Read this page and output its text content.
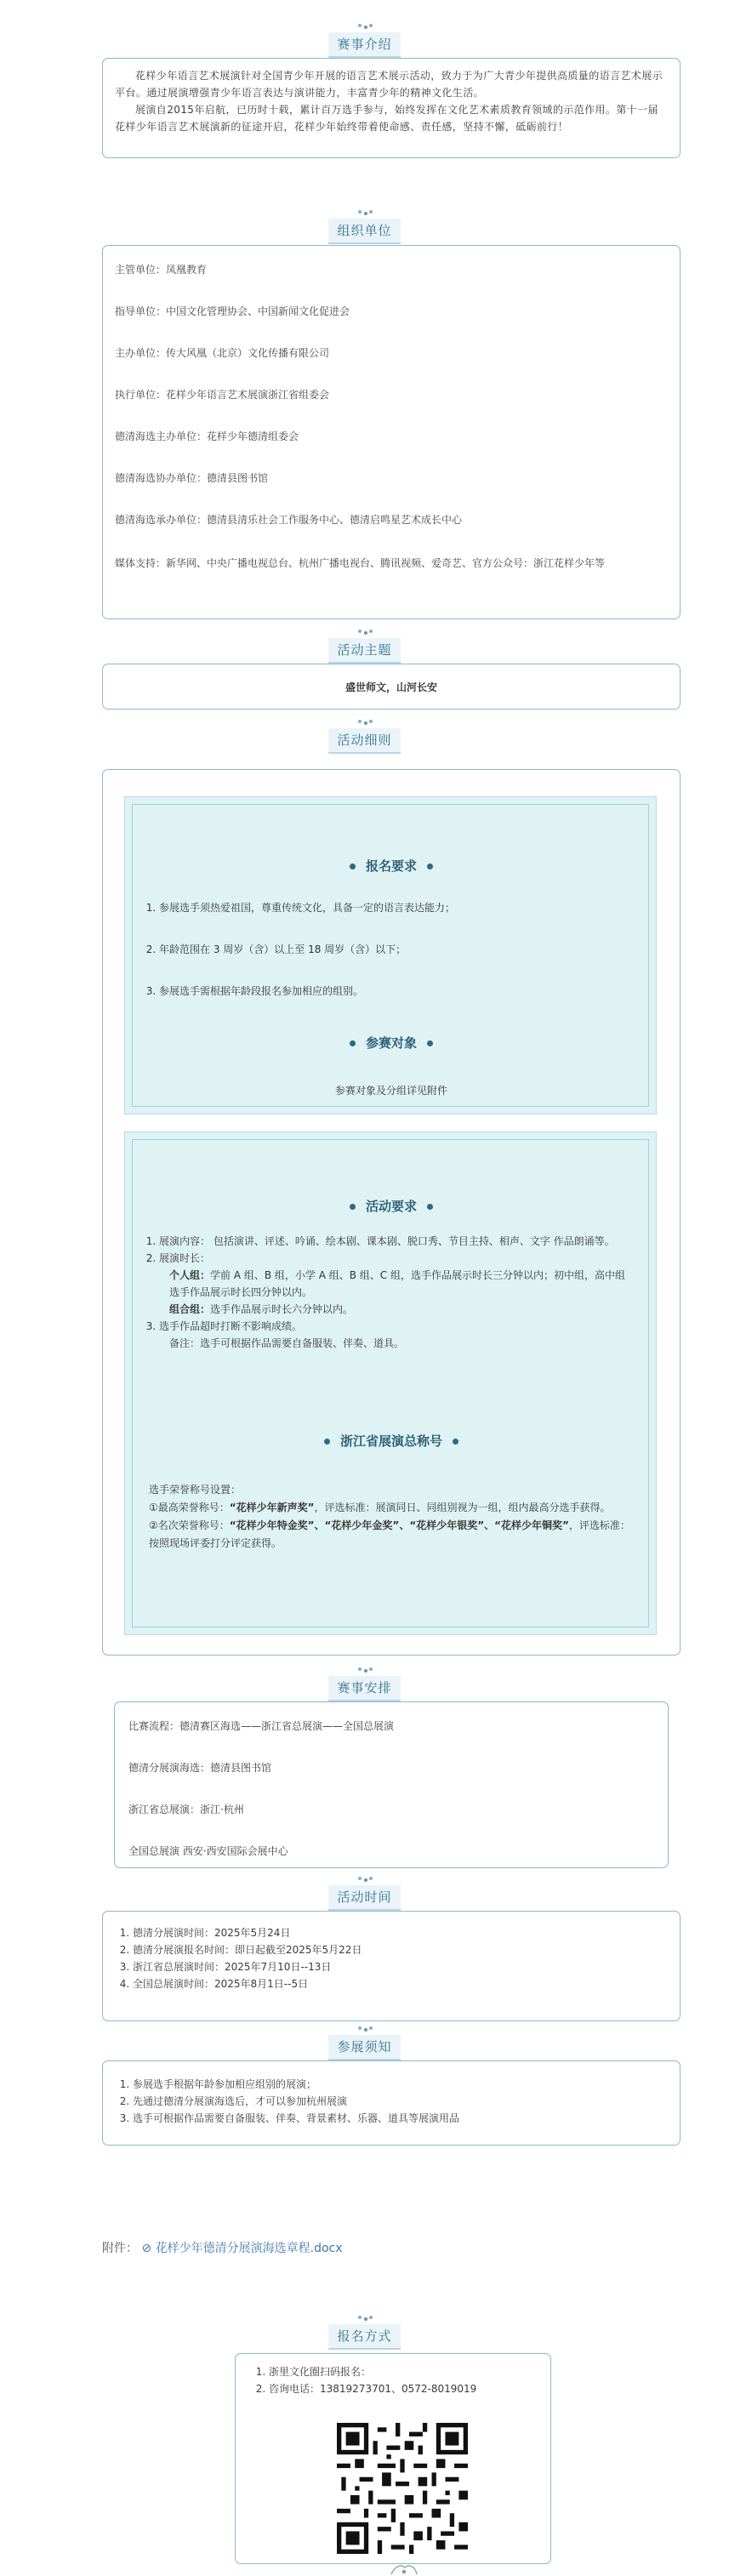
赛事介绍

花样少年语言艺术展演针对全国青少年开展的语言艺术展示活动，致力于为广大青少年提供高质量的语言艺术展示平台。通过展演增强青少年语言表达与演讲能力，丰富青少年的精神文化生活。

展演自2015年启航，已历时十载，累计百万选手参与，始终发挥在文化艺术素质教育领域的示范作用。第十一届花样少年语言艺术展演新的征途开启，花样少年始终带着使命感、责任感，坚持不懈，砥砺前行！

组织单位

主管单位：凤凰教育

指导单位：中国文化管理协会、中国新闻文化促进会

主办单位：传大风凰（北京）文化传播有限公司

执行单位：花样少年语言艺术展演浙江省组委会

德清海选主办单位：花样少年德清组委会

德清海选协办单位：德清县图书馆

德清海选承办单位：德清县清乐社会工作服务中心、德清启鸣星艺术成长中心

媒体支持：新华网、中央广播电视总台、杭州广播电视台、腾讯视频、爱奇艺、官方公众号：浙江花样少年等

活动主题
盛世师文，山河长安
活动细则
报名要求
1. 参展选手须热爱祖国，尊重传统文化，具备一定的语言表达能力；
2. 年龄范围在 3 周岁（含）以上至 18 周岁（含）以下；
3. 参展选手需根据年龄段报名参加相应的组别。
参赛对象
参赛对象及分组详见附件
活动要求
1. 展演内容： 包括演讲、评述、吟诵、绘本剧、课本剧、脱口秀、节目主持、相声、文字 作品朗诵等。
2. 展演时长：
个人组：学前 A 组、B 组，小学 A 组、B 组、C 组，选手作品展示时长三分钟以内；初中组，高中组选手作品展示时长四分钟以内。
组合组：选手作品展示时长六分钟以内。
3. 选手作品超时打断不影响成绩。
备注：选手可根据作品需要自备服装、伴奏、道具。
浙江省展演总称号
选手荣誉称号设置：
①最高荣誉称号：“花样少年新声奖”，评选标准：展演同日、同组别视为一组，组内最高分选手获得。
②名次荣誉称号：“花样少年特金奖”、“花样少年金奖”、“花样少年银奖”、“花样少年铜奖”，评选标准：按照现场评委打分评定获得。
赛事安排

比赛流程：德清赛区海选——浙江省总展演——全国总展演

德清分展演海选：德清县图书馆

浙江省总展演：浙江·杭州

全国总展演 西安·西安国际会展中心

活动时间
1. 德清分展演时间：2025年5月24日
2. 德清分展演报名时间：即日起截至2025年5月22日
3. 浙江省总展演时间：2025年7月10日--13日
4. 全国总展演时间：2025年8月1日--5日
参展须知
1. 参展选手根据年龄参加相应组别的展演；
2. 先通过德清分展演海选后，才可以参加杭州展演
3. 选手可根据作品需要自备服装、伴奏、背景素材、乐器、道具等展演用品
附件： ⊘ 花样少年德清分展演海选章程.docx
报名方式
1. 浙里文化圈扫码报名：
2. 咨询电话：13819273701、0572-8019019
